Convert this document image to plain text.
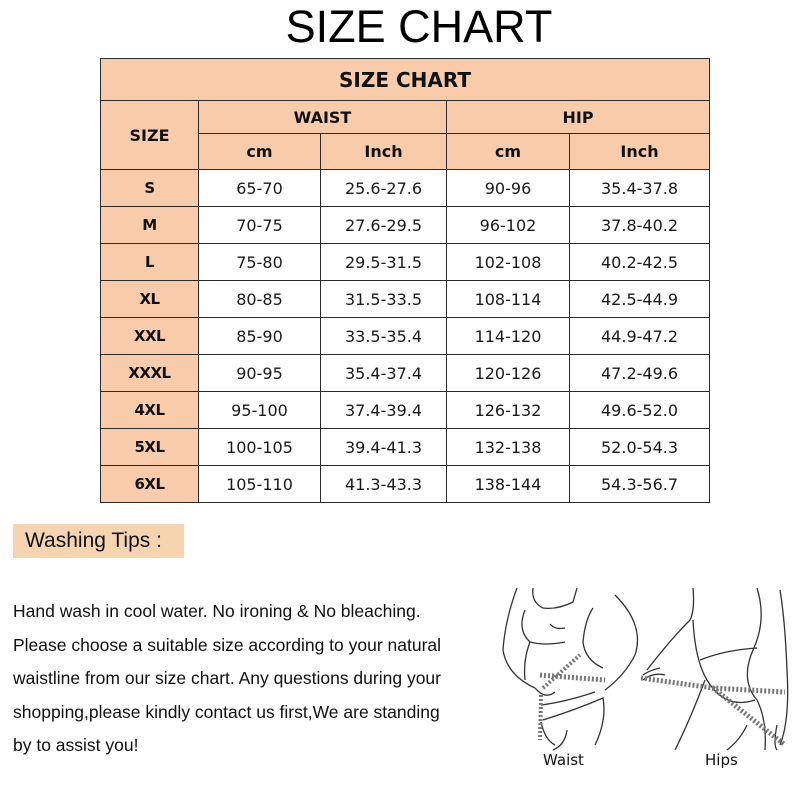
SIZE CHART
SIZE CHART				
SIZE	WAIST		HIP	
	cm	Inch	cm	Inch
S	65-70	25.6-27.6	90-96	35.4-37.8
M	70-75	27.6-29.5	96-102	37.8-40.2
L	75-80	29.5-31.5	102-108	40.2-42.5
XL	80-85	31.5-33.5	108-114	42.5-44.9
XXL	85-90	33.5-35.4	114-120	44.9-47.2
XXXL	90-95	35.4-37.4	120-126	47.2-49.6
4XL	95-100	37.4-39.4	126-132	49.6-52.0
5XL	100-105	39.4-41.3	132-138	52.0-54.3
6XL	105-110	41.3-43.3	138-144	54.3-56.7
Washing Tips :

Hand wash in cool water. No ironing & No bleaching.

Please choose a suitable size according to your natural

waistline from our size chart. Any questions during your

shopping,please kindly contact us first,We are standing

by to assist you!

Waist	Hips
